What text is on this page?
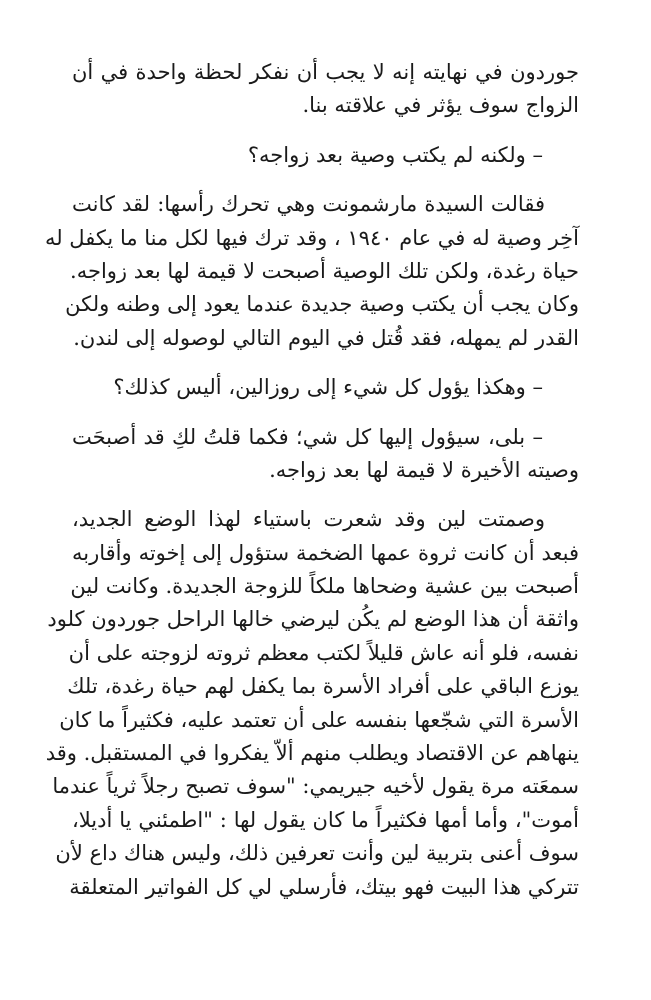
جوردون في نهايته إنه لا يجب أن نفكر لحظة واحدة في أن
الزواج سوف يؤثر في علاقته بنا.

– ولكنه لم يكتب وصية بعد زواجه؟

فقالت السيدة مارشمونت وهي تحرك رأسها: لقد كانت
آخِر وصية له في عام ١٩٤٠ ، وقد ترك فيها لكل منا ما يكفل له
حياة رغدة، ولكن تلك الوصية أصبحت لا قيمة لها بعد زواجه.
وكان يجب أن يكتب وصية جديدة عندما يعود إلى وطنه ولكن
القدر لم يمهله، فقد قُتل في اليوم التالي لوصوله إلى لندن.

– وهكذا يؤول كل شيء إلى روزالين، أليس كذلك؟

– بلى، سيؤول إليها كل شي؛ فكما قلتُ لكِ قد أصبحَت
وصيته الأخيرة لا قيمة لها بعد زواجه.

وصمتت لين وقد شعرت باستياء لهذا الوضع الجديد،
فبعد أن كانت ثروة عمها الضخمة ستؤول إلى إخوته وأقاربه
أصبحت بين عشية وضحاها ملكاً للزوجة الجديدة. وكانت لين
واثقة أن هذا الوضع لم يكُن ليرضي خالها الراحل جوردون كلود
نفسه، فلو أنه عاش قليلاً لكتب معظم ثروته لزوجته على أن
يوزع الباقي على أفراد الأسرة بما يكفل لهم حياة رغدة، تلك
الأسرة التي شجّعها بنفسه على أن تعتمد عليه، فكثيراً ما كان
ينهاهم عن الاقتصاد ويطلب منهم ألاّ يفكروا في المستقبل. وقد
سمعَته مرة يقول لأخيه جيريمي: "سوف تصبح رجلاً ثرياً عندما
أموت"، وأما أمها فكثيراً ما كان يقول لها : "اطمئني يا أديلا،
سوف أعنى بتربية لين وأنت تعرفين ذلك، وليس هناك داع لأن
تتركي هذا البيت فهو بيتك، فأرسلي لي كل الفواتير المتعلقة
